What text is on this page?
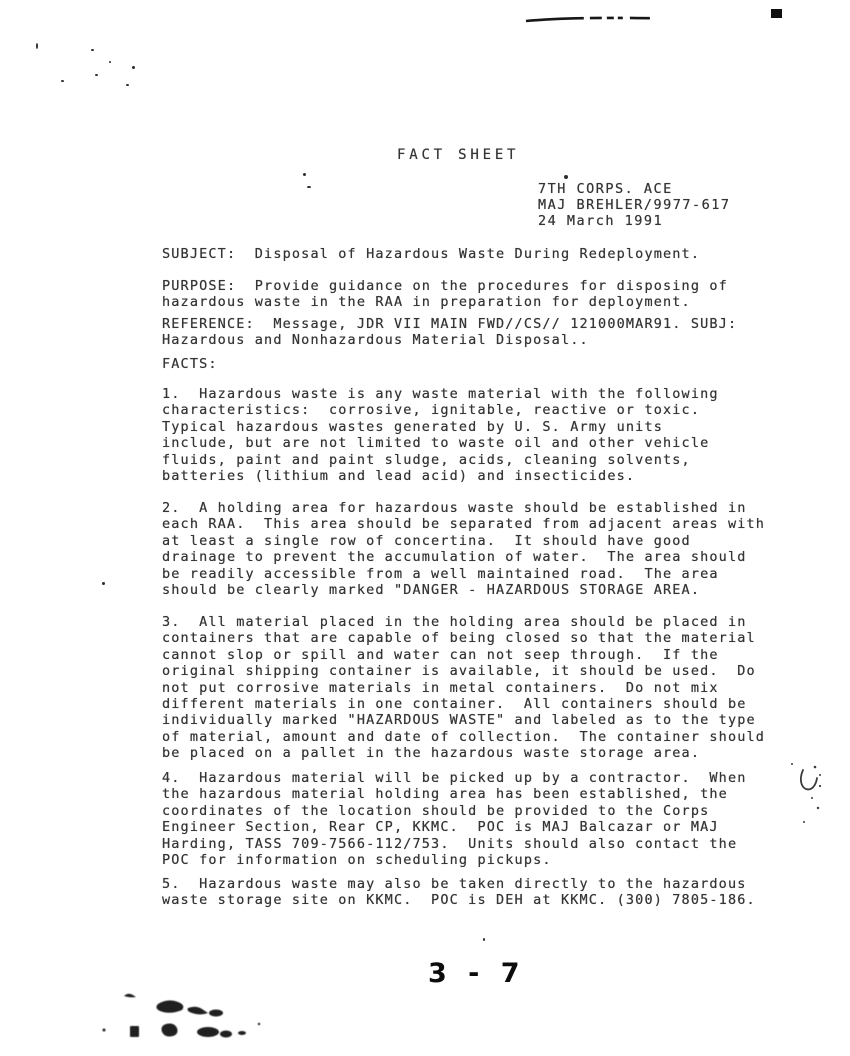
FACT SHEET
7TH CORPS. ACE
MAJ BREHLER/9977-617
24 March 1991
SUBJECT:  Disposal of Hazardous Waste During Redeployment.
PURPOSE:  Provide guidance on the procedures for disposing of
hazardous waste in the RAA in preparation for deployment.
REFERENCE:  Message, JDR VII MAIN FWD//CS// 121000MAR91. SUBJ:
Hazardous and Nonhazardous Material Disposal..
FACTS:
1.  Hazardous waste is any waste material with the following
characteristics:  corrosive, ignitable, reactive or toxic.
Typical hazardous wastes generated by U. S. Army units
include, but are not limited to waste oil and other vehicle
fluids, paint and paint sludge, acids, cleaning solvents,
batteries (lithium and lead acid) and insecticides.
2.  A holding area for hazardous waste should be established in
each RAA.  This area should be separated from adjacent areas with
at least a single row of concertina.  It should have good
drainage to prevent the accumulation of water.  The area should
be readily accessible from a well maintained road.  The area
should be clearly marked "DANGER - HAZARDOUS STORAGE AREA.
3.  All material placed in the holding area should be placed in
containers that are capable of being closed so that the material
cannot slop or spill and water can not seep through.  If the
original shipping container is available, it should be used.  Do
not put corrosive materials in metal containers.  Do not mix
different materials in one container.  All containers should be
individually marked "HAZARDOUS WASTE" and labeled as to the type
of material, amount and date of collection.  The container should
be placed on a pallet in the hazardous waste storage area.
4.  Hazardous material will be picked up by a contractor.  When
the hazardous material holding area has been established, the
coordinates of the location should be provided to the Corps
Engineer Section, Rear CP, KKMC.  POC is MAJ Balcazar or MAJ
Harding, TASS 709-7566-112/753.  Units should also contact the
POC for information on scheduling pickups.
5.  Hazardous waste may also be taken directly to the hazardous
waste storage site on KKMC.  POC is DEH at KKMC. (300) 7805-186.
3 - 7
